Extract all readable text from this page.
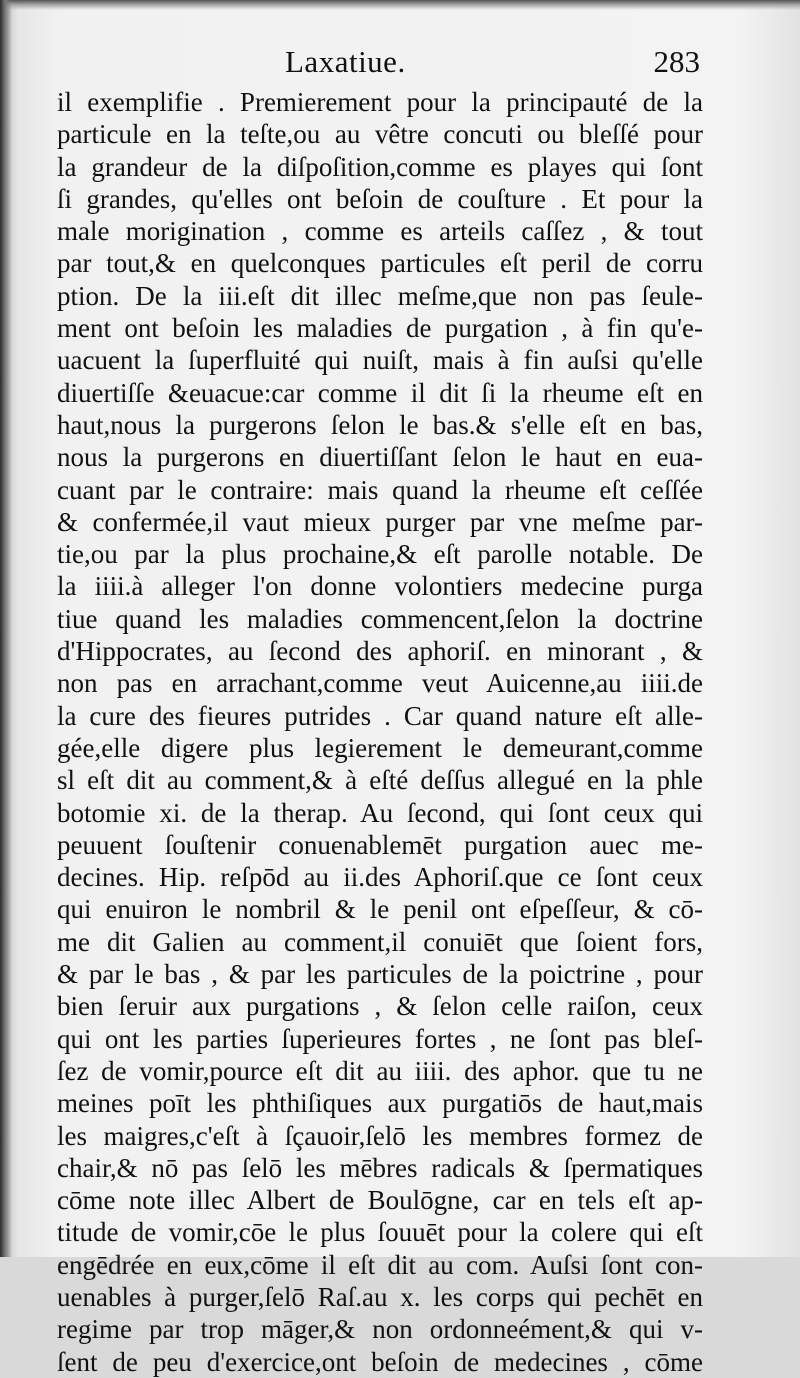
Laxatiue.	283
il exemplifie . Premierement pour la principauté de la
particule en la teſte,ou au vêtre concuti ou bleſſé pour
la grandeur de la diſpoſition,comme es playes qui ſont
ſi grandes, qu'elles ont beſoin de couſture . Et pour la
male morigination , comme es arteils caſſez , & tout
par tout,& en quelconques particules eſt peril de corru
ption. De la iii.eſt dit illec meſme,que non pas ſeule-
ment ont beſoin les maladies de purgation , à fin qu'e-
uacuent la ſuperfluité qui nuiſt, mais à fin auſsi qu'elle
diuertiſſe &euacue:car comme il dit ſi la rheume eſt en
haut,nous la purgerons ſelon le bas.& s'elle eſt en bas,
nous la purgerons en diuertiſſant ſelon le haut en eua-
cuant par le contraire: mais quand la rheume eſt ceſſée
& confermée,il vaut mieux purger par vne meſme par-
tie,ou par la plus prochaine,& eſt parolle notable. De
la iiii.à alleger l'on donne volontiers medecine purga
tiue quand les maladies commencent,ſelon la doctrine
d'Hippocrates, au ſecond des aphoriſ. en minorant , &
non pas en arrachant,comme veut Auicenne,au iiii.de
la cure des fieures putrides . Car quand nature eſt alle-
gée,elle digere plus legierement le demeurant,comme
sl eſt dit au comment,& à eſté deſſus allegué en la phle
botomie xi. de la therap. Au ſecond, qui ſont ceux qui
peuuent ſouſtenir conuenablemēt purgation auec me-
decines. Hip. reſpōd au ii.des Aphoriſ.que ce ſont ceux
qui enuiron le nombril & le penil ont eſpeſſeur, & cō-
me dit Galien au comment,il conuiēt que ſoient fors,
& par le bas , & par les particules de la poictrine , pour
bien ſeruir aux purgations , & ſelon celle raiſon, ceux
qui ont les parties ſuperieures fortes , ne ſont pas bleſ-
ſez de vomir,pource eſt dit au iiii. des aphor. que tu ne
meines poīt les phthiſiques aux purgatiōs de haut,mais
les maigres,c'eſt à ſçauoir,ſelō les membres formez de
chair,& nō pas ſelō les mēbres radicals & ſpermatiques
cōme note illec Albert de Boulōgne, car en tels eſt ap-
titude de vomir,cōe le plus ſouuēt pour la colere qui eſt
engēdrée en eux,cōme il eſt dit au com. Auſsi ſont con-
uenables à purger,ſelō Raſ.au x. les corps qui pechēt en
regime par trop māger,& non ordonneément,& qui v-
ſent de peu d'exercice,ont beſoin de medecines , cōme
